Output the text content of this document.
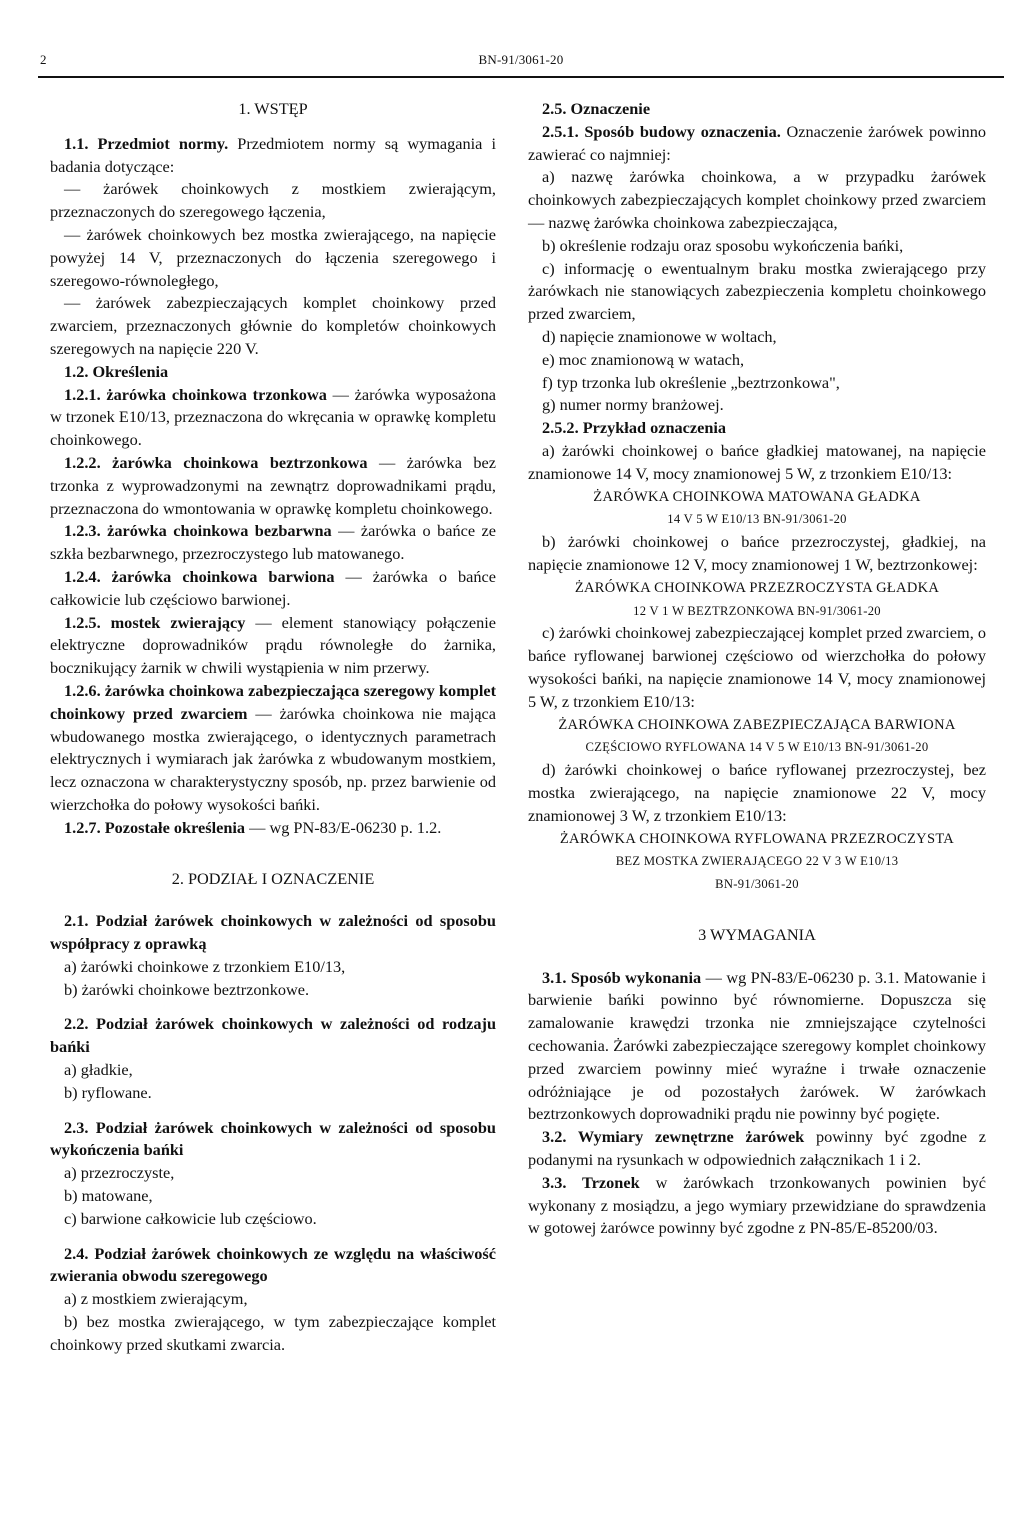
2	BN-91/3061-20

1. WSTĘP

1.1. Przedmiot normy. Przedmiotem normy są wymagania i badania dotyczące:

— żarówek choinkowych z mostkiem zwierającym, przeznaczonych do szeregowego łączenia,

— żarówek choinkowych bez mostka zwierającego, na napięcie powyżej 14 V, przeznaczonych do łączenia szeregowego i szeregowo-równoległego,

— żarówek zabezpieczających komplet choinkowy przed zwarciem, przeznaczonych głównie do kompletów choinkowych szeregowych na napięcie 220 V.

1.2. Określenia

1.2.1. żarówka choinkowa trzonkowa — żarówka wyposażona w trzonek E10/13, przeznaczona do wkręcania w oprawkę kompletu choinkowego.

1.2.2. żarówka choinkowa beztrzonkowa — żarówka bez trzonka z wyprowadzonymi na zewnątrz doprowadnikami prądu, przeznaczona do wmontowania w oprawkę kompletu choinkowego.

1.2.3. żarówka choinkowa bezbarwna — żarówka o bańce ze szkła bezbarwnego, przezroczystego lub matowanego.

1.2.4. żarówka choinkowa barwiona — żarówka o bańce całkowicie lub częściowo barwionej.

1.2.5. mostek zwierający — element stanowiący połączenie elektryczne doprowadników prądu równoległe do żarnika, bocznikujący żarnik w chwili wystąpienia w nim przerwy.

1.2.6. żarówka choinkowa zabezpieczająca szeregowy komplet choinkowy przed zwarciem — żarówka choinkowa nie mająca wbudowanego mostka zwierającego, o identycznych parametrach elektrycznych i wymiarach jak żarówka z wbudowanym mostkiem, lecz oznaczona w charakterystyczny sposób, np. przez barwienie od wierzchołka do połowy wysokości bańki.

1.2.7. Pozostałe określenia — wg PN-83/E-06230 p. 1.2.

2. PODZIAŁ I OZNACZENIE

2.1. Podział żarówek choinkowych w zależności od sposobu współpracy z oprawką

a) żarówki choinkowe z trzonkiem E10/13,

b) żarówki choinkowe beztrzonkowe.

2.2. Podział żarówek choinkowych w zależności od rodzaju bańki

a) gładkie,

b) ryflowane.

2.3. Podział żarówek choinkowych w zależności od sposobu wykończenia bańki

a) przezroczyste,

b) matowane,

c) barwione całkowicie lub częściowo.

2.4. Podział żarówek choinkowych ze względu na właściwość zwierania obwodu szeregowego

a) z mostkiem zwierającym,

b) bez mostka zwierającego, w tym zabezpieczające komplet choinkowy przed skutkami zwarcia.

2.5. Oznaczenie

2.5.1. Sposób budowy oznaczenia. Oznaczenie żarówek powinno zawierać co najmniej:

a) nazwę żarówka choinkowa, a w przypadku żarówek choinkowych zabezpieczających komplet choinkowy przed zwarciem — nazwę żarówka choinkowa zabezpieczająca,

b) określenie rodzaju oraz sposobu wykończenia bańki,

c) informację o ewentualnym braku mostka zwierającego przy żarówkach nie stanowiących zabezpieczenia kompletu choinkowego przed zwarciem,

d) napięcie znamionowe w woltach,

e) moc znamionową w watach,

f) typ trzonka lub określenie „beztrzonkowa",

g) numer normy branżowej.

2.5.2. Przykład oznaczenia

a) żarówki choinkowej o bańce gładkiej matowanej, na napięcie znamionowe 14 V, mocy znamionowej 5 W, z trzonkiem E10/13:

ŻARÓWKA CHOINKOWA MATOWANA GŁADKA

14 V 5 W E10/13 BN-91/3061-20

b) żarówki choinkowej o bańce przezroczystej, gładkiej, na napięcie znamionowe 12 V, mocy znamionowej 1 W, beztrzonkowej:

ŻARÓWKA CHOINKOWA PRZEZROCZYSTA GŁADKA

12 V 1 W BEZTRZONKOWA BN-91/3061-20

c) żarówki choinkowej zabezpieczającej komplet przed zwarciem, o bańce ryflowanej barwionej częściowo od wierzchołka do połowy wysokości bańki, na napięcie znamionowe 14 V, mocy znamionowej 5 W, z trzonkiem E10/13:

ŻARÓWKA CHOINKOWA ZABEZPIECZAJĄCA BARWIONA

CZĘŚCIOWO RYFLOWANA 14 V 5 W E10/13 BN-91/3061-20

d) żarówki choinkowej o bańce ryflowanej przezroczystej, bez mostka zwierającego, na napięcie znamionowe 22 V, mocy znamionowej 3 W, z trzonkiem E10/13:

ŻARÓWKA CHOINKOWA RYFLOWANA PRZEZROCZYSTA

BEZ MOSTKA ZWIERAJĄCEGO 22 V 3 W E10/13

BN-91/3061-20

3 WYMAGANIA

3.1. Sposób wykonania — wg PN-83/E-06230 p. 3.1. Matowanie i barwienie bańki powinno być równomierne. Dopuszcza się zamalowanie krawędzi trzonka nie zmniejszające czytelności cechowania. Żarówki zabezpieczające szeregowy komplet choinkowy przed zwarciem powinny mieć wyraźne i trwałe oznaczenie odróżniające je od pozostałych żarówek. W żarówkach beztrzonkowych doprowadniki prądu nie powinny być pogięte.

3.2. Wymiary zewnętrzne żarówek powinny być zgodne z podanymi na rysunkach w odpowiednich załącznikach 1 i 2.

3.3. Trzonek w żarówkach trzonkowanych powinien być wykonany z mosiądzu, a jego wymiary przewidziane do sprawdzenia w gotowej żarówce powinny być zgodne z PN-85/E-85200/03.
